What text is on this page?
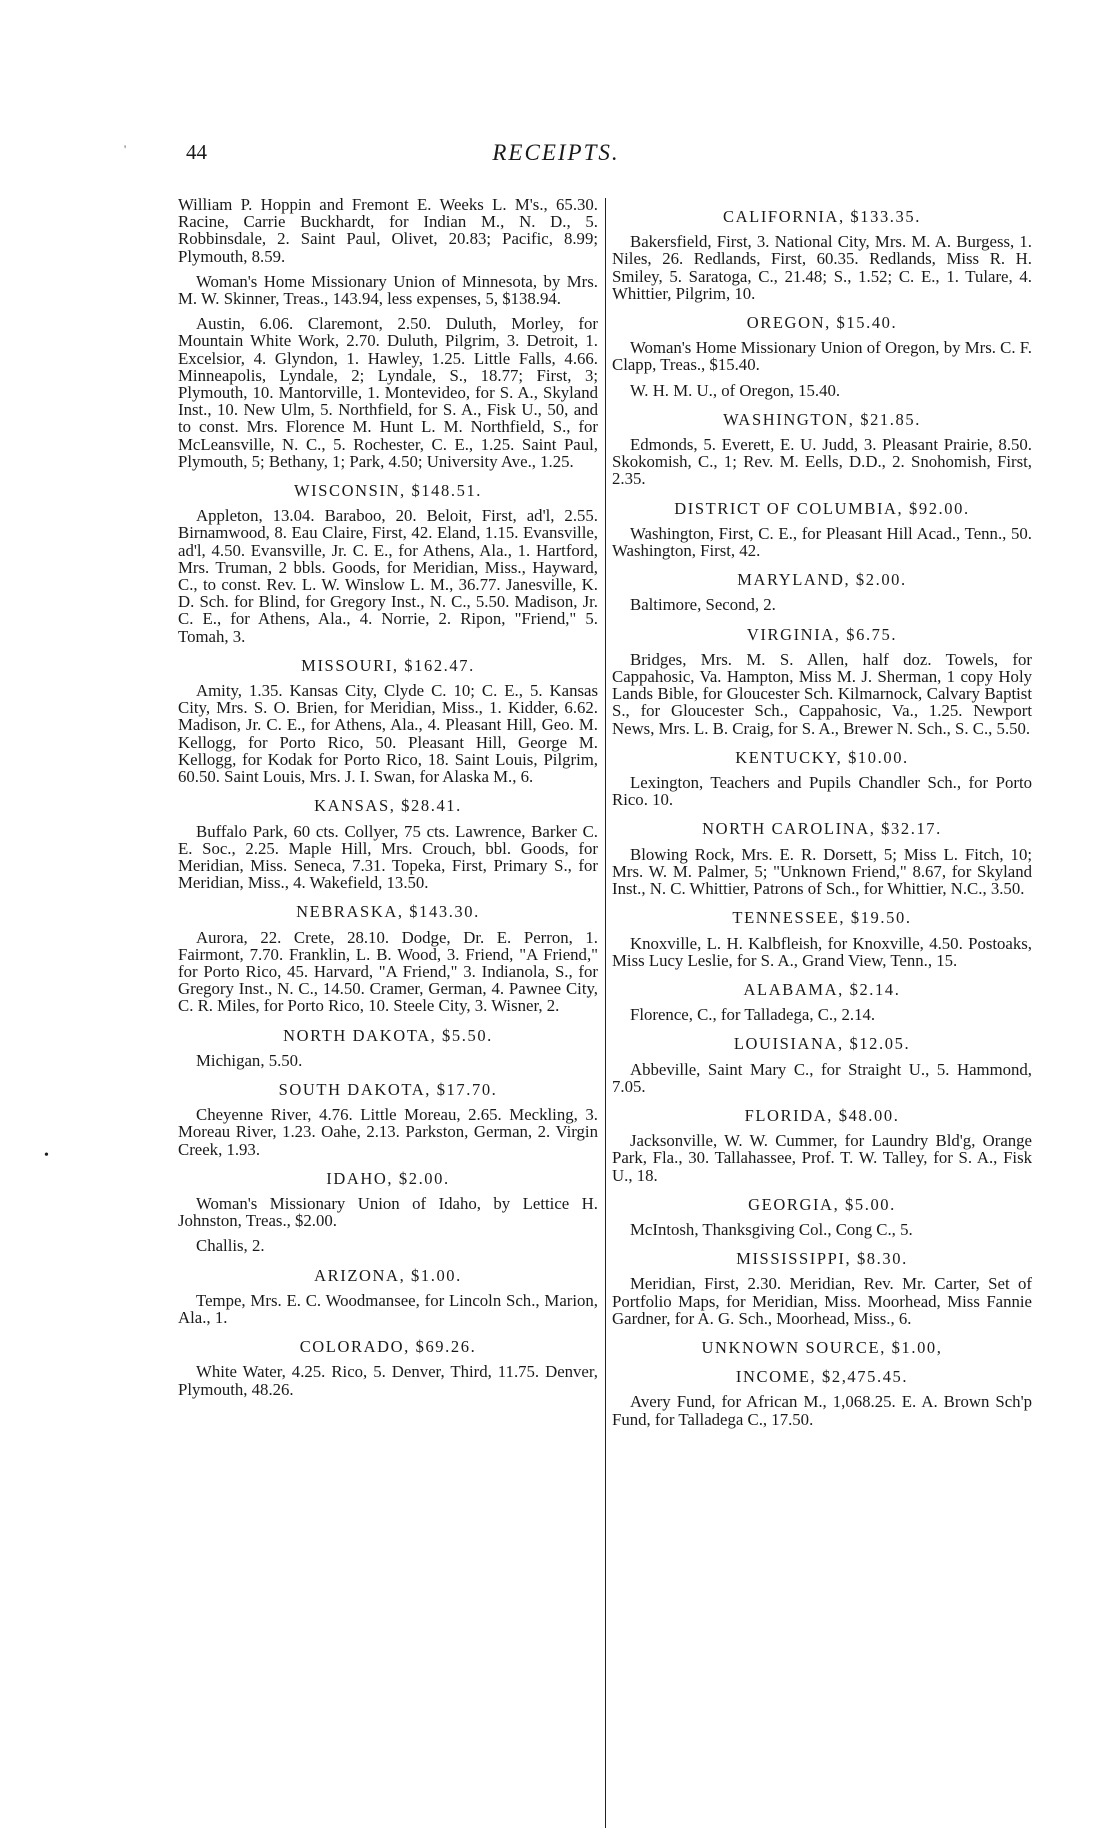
'	44	RECEIPTS.
•

William P. Hoppin and Fremont E. Weeks L. M's., 65.30. Racine, Carrie Buckhardt, for Indian M., N. D., 5. Robbinsdale, 2. Saint Paul, Olivet, 20.83; Pacific, 8.99; Plymouth, 8.59.

Woman's Home Missionary Union of Minnesota, by Mrs. M. W. Skinner, Treas., 143.94, less expenses, 5, $138.94.

Austin, 6.06. Claremont, 2.50. Duluth, Morley, for Mountain White Work, 2.70. Duluth, Pilgrim, 3. Detroit, 1. Excelsior, 4. Glyndon, 1. Hawley, 1.25. Little Falls, 4.66. Minneapolis, Lyndale, 2; Lyndale, S., 18.77; First, 3; Plymouth, 10. Mantorville, 1. Montevideo, for S. A., Skyland Inst., 10. New Ulm, 5. Northfield, for S. A., Fisk U., 50, and to const. Mrs. Florence M. Hunt L. M. Northfield, S., for McLeansville, N. C., 5. Rochester, C. E., 1.25. Saint Paul, Plymouth, 5; Bethany, 1; Park, 4.50; University Ave., 1.25.

WISCONSIN, $148.51.

Appleton, 13.04. Baraboo, 20. Beloit, First, ad'l, 2.55. Birnamwood, 8. Eau Claire, First, 42. Eland, 1.15. Evansville, ad'l, 4.50. Evansville, Jr. C. E., for Athens, Ala., 1. Hartford, Mrs. Truman, 2 bbls. Goods, for Meridian, Miss., Hayward, C., to const. Rev. L. W. Winslow L. M., 36.77. Janesville, K. D. Sch. for Blind, for Gregory Inst., N. C., 5.50. Madison, Jr. C. E., for Athens, Ala., 4. Norrie, 2. Ripon, "Friend," 5. Tomah, 3.

MISSOURI, $162.47.

Amity, 1.35. Kansas City, Clyde C. 10; C. E., 5. Kansas City, Mrs. S. O. Brien, for Meridian, Miss., 1. Kidder, 6.62. Madison, Jr. C. E., for Athens, Ala., 4. Pleasant Hill, Geo. M. Kellogg, for Porto Rico, 50. Pleasant Hill, George M. Kellogg, for Kodak for Porto Rico, 18. Saint Louis, Pilgrim, 60.50. Saint Louis, Mrs. J. I. Swan, for Alaska M., 6.

KANSAS, $28.41.

Buffalo Park, 60 cts. Collyer, 75 cts. Lawrence, Barker C. E. Soc., 2.25. Maple Hill, Mrs. Crouch, bbl. Goods, for Meridian, Miss. Seneca, 7.31. Topeka, First, Primary S., for Meridian, Miss., 4. Wakefield, 13.50.

NEBRASKA, $143.30.

Aurora, 22. Crete, 28.10. Dodge, Dr. E. Perron, 1. Fairmont, 7.70. Franklin, L. B. Wood, 3. Friend, "A Friend," for Porto Rico, 45. Harvard, "A Friend," 3. Indianola, S., for Gregory Inst., N. C., 14.50. Cramer, German, 4. Pawnee City, C. R. Miles, for Porto Rico, 10. Steele City, 3. Wisner, 2.

NORTH DAKOTA, $5.50.

Michigan, 5.50.

SOUTH DAKOTA, $17.70.

Cheyenne River, 4.76. Little Moreau, 2.65. Meckling, 3. Moreau River, 1.23. Oahe, 2.13. Parkston, German, 2. Virgin Creek, 1.93.

IDAHO, $2.00.

Woman's Missionary Union of Idaho, by Lettice H. Johnston, Treas., $2.00.

Challis, 2.

ARIZONA, $1.00.

Tempe, Mrs. E. C. Woodmansee, for Lincoln Sch., Marion, Ala., 1.

COLORADO, $69.26.

White Water, 4.25. Rico, 5. Denver, Third, 11.75. Denver, Plymouth, 48.26.

CALIFORNIA, $133.35.

Bakersfield, First, 3. National City, Mrs. M. A. Burgess, 1. Niles, 26. Redlands, First, 60.35. Redlands, Miss R. H. Smiley, 5. Saratoga, C., 21.48; S., 1.52; C. E., 1. Tulare, 4. Whittier, Pilgrim, 10.

OREGON, $15.40.

Woman's Home Missionary Union of Oregon, by Mrs. C. F. Clapp, Treas., $15.40.

W. H. M. U., of Oregon, 15.40.

WASHINGTON, $21.85.

Edmonds, 5. Everett, E. U. Judd, 3. Pleasant Prairie, 8.50. Skokomish, C., 1; Rev. M. Eells, D.D., 2. Snohomish, First, 2.35.

DISTRICT OF COLUMBIA, $92.00.

Washington, First, C. E., for Pleasant Hill Acad., Tenn., 50. Washington, First, 42.

MARYLAND, $2.00.

Baltimore, Second, 2.

VIRGINIA, $6.75.

Bridges, Mrs. M. S. Allen, half doz. Towels, for Cappahosic, Va. Hampton, Miss M. J. Sherman, 1 copy Holy Lands Bible, for Gloucester Sch. Kilmarnock, Calvary Baptist S., for Gloucester Sch., Cappahosic, Va., 1.25. Newport News, Mrs. L. B. Craig, for S. A., Brewer N. Sch., S. C., 5.50.

KENTUCKY, $10.00.

Lexington, Teachers and Pupils Chandler Sch., for Porto Rico. 10.

NORTH CAROLINA, $32.17.

Blowing Rock, Mrs. E. R. Dorsett, 5; Miss L. Fitch, 10; Mrs. W. M. Palmer, 5; "Unknown Friend," 8.67, for Skyland Inst., N. C. Whittier, Patrons of Sch., for Whittier, N.C., 3.50.

TENNESSEE, $19.50.

Knoxville, L. H. Kalbfleish, for Knoxville, 4.50. Postoaks, Miss Lucy Leslie, for S. A., Grand View, Tenn., 15.

ALABAMA, $2.14.

Florence, C., for Talladega, C., 2.14.

LOUISIANA, $12.05.

Abbeville, Saint Mary C., for Straight U., 5. Hammond, 7.05.

FLORIDA, $48.00.

Jacksonville, W. W. Cummer, for Laundry Bld'g, Orange Park, Fla., 30. Tallahassee, Prof. T. W. Talley, for S. A., Fisk U., 18.

GEORGIA, $5.00.

McIntosh, Thanksgiving Col., Cong C., 5.

MISSISSIPPI, $8.30.

Meridian, First, 2.30. Meridian, Rev. Mr. Carter, Set of Portfolio Maps, for Meridian, Miss. Moorhead, Miss Fannie Gardner, for A. G. Sch., Moorhead, Miss., 6.

UNKNOWN SOURCE, $1.00,
INCOME, $2,475.45.

Avery Fund, for African M., 1,068.25. E. A. Brown Sch'p Fund, for Talladega C., 17.50.
